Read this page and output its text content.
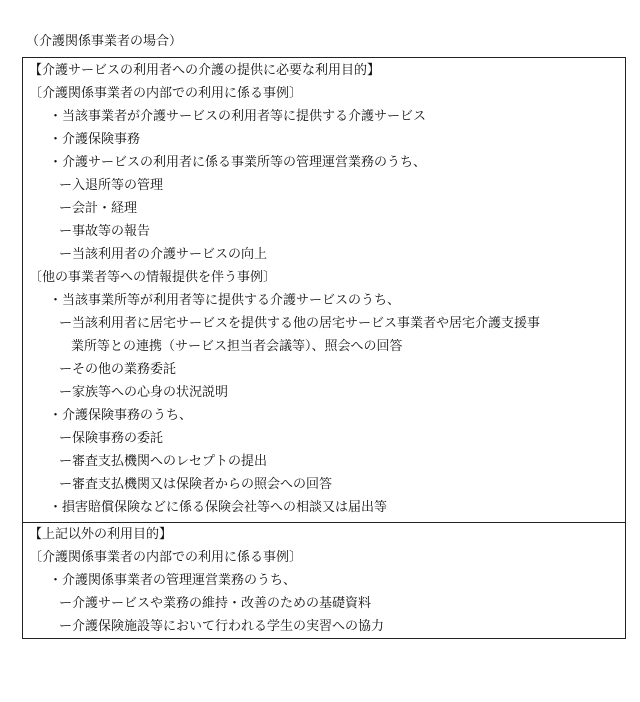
（介護関係事業者の場合）
【介護サービスの利用者への介護の提供に必要な利用目的】
〔介護関係事業者の内部での利用に係る事例〕
・当該事業者が介護サービスの利用者等に提供する介護サービス
・介護保険事務
・介護サービスの利用者に係る事業所等の管理運営業務のうち、
ー入退所等の管理
ー会計・経理
ー事故等の報告
ー当該利用者の介護サービスの向上
〔他の事業者等への情報提供を伴う事例〕
・当該事業所等が利用者等に提供する介護サービスのうち、
ー当該利用者に居宅サービスを提供する他の居宅サービス事業者や居宅介護支援事
業所等との連携（サービス担当者会議等）、照会への回答
ーその他の業務委託
ー家族等への心身の状況説明
・介護保険事務のうち、
ー保険事務の委託
ー審査支払機関へのレセプトの提出
ー審査支払機関又は保険者からの照会への回答
・損害賠償保険などに係る保険会社等への相談又は届出等
【上記以外の利用目的】
〔介護関係事業者の内部での利用に係る事例〕
・介護関係事業者の管理運営業務のうち、
ー介護サービスや業務の維持・改善のための基礎資料
ー介護保険施設等において行われる学生の実習への協力
